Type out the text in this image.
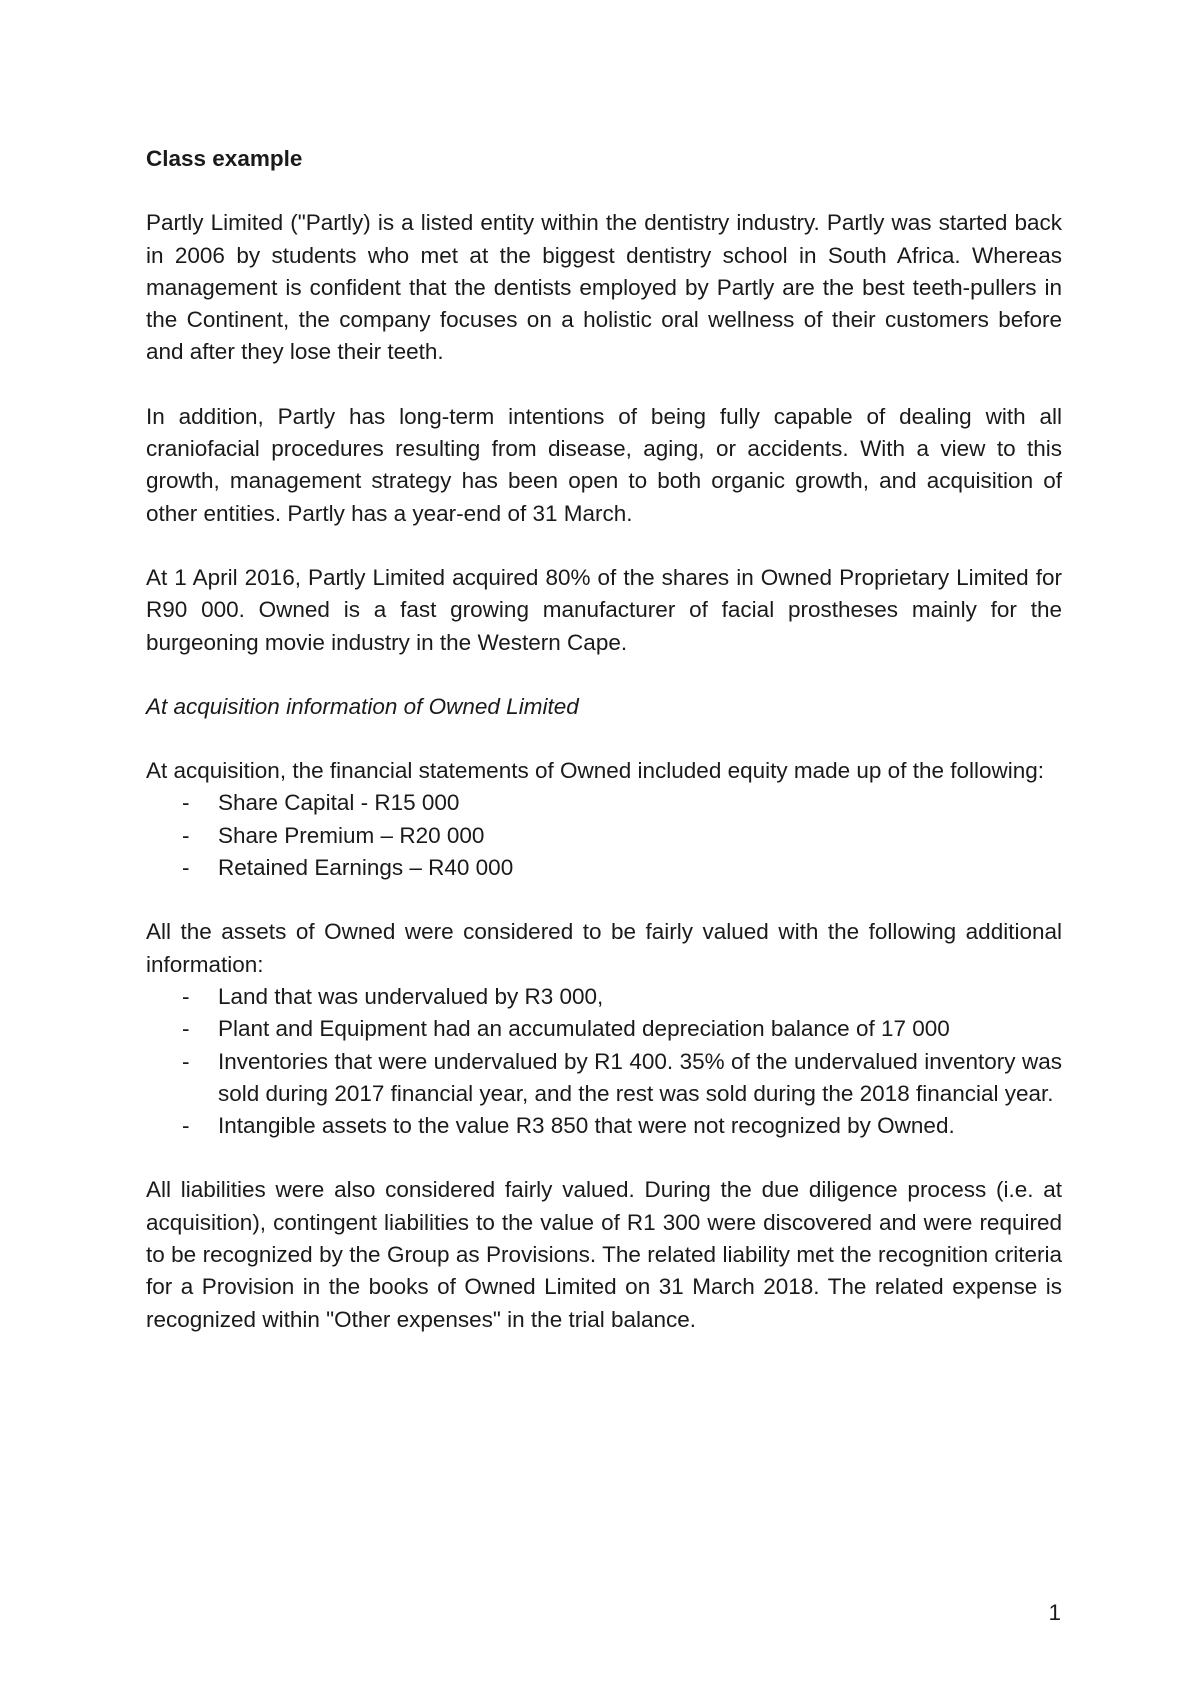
Class example

Partly Limited ("Partly) is a listed entity within the dentistry industry. Partly was started back in 2006 by students who met at the biggest dentistry school in South Africa. Whereas management is confident that the dentists employed by Partly are the best teeth-pullers in the Continent, the company focuses on a holistic oral wellness of their customers before and after they lose their teeth.

In addition, Partly has long-term intentions of being fully capable of dealing with all craniofacial procedures resulting from disease, aging, or accidents. With a view to this growth, management strategy has been open to both organic growth, and acquisition of other entities. Partly has a year-end of 31 March.

At 1 April 2016, Partly Limited acquired 80% of the shares in Owned Proprietary Limited for R90 000. Owned is a fast growing manufacturer of facial prostheses mainly for the burgeoning movie industry in the Western Cape.

At acquisition information of Owned Limited

At acquisition, the financial statements of Owned included equity made up of the following:

- Share Capital - R15 000
- Share Premium – R20 000
- Retained Earnings – R40 000

All the assets of Owned were considered to be fairly valued with the following additional information:

- Land that was undervalued by R3 000,
- Plant and Equipment had an accumulated depreciation balance of 17 000
- Inventories that were undervalued by R1 400. 35% of the undervalued inventory was sold during 2017 financial year, and the rest was sold during the 2018 financial year.
- Intangible assets to the value R3 850 that were not recognized by Owned.

All liabilities were also considered fairly valued. During the due diligence process (i.e. at acquisition), contingent liabilities to the value of R1 300 were discovered and were required to be recognized by the Group as Provisions. The related liability met the recognition criteria for a Provision in the books of Owned Limited on 31 March 2018. The related expense is recognized within "Other expenses" in the trial balance.

1
